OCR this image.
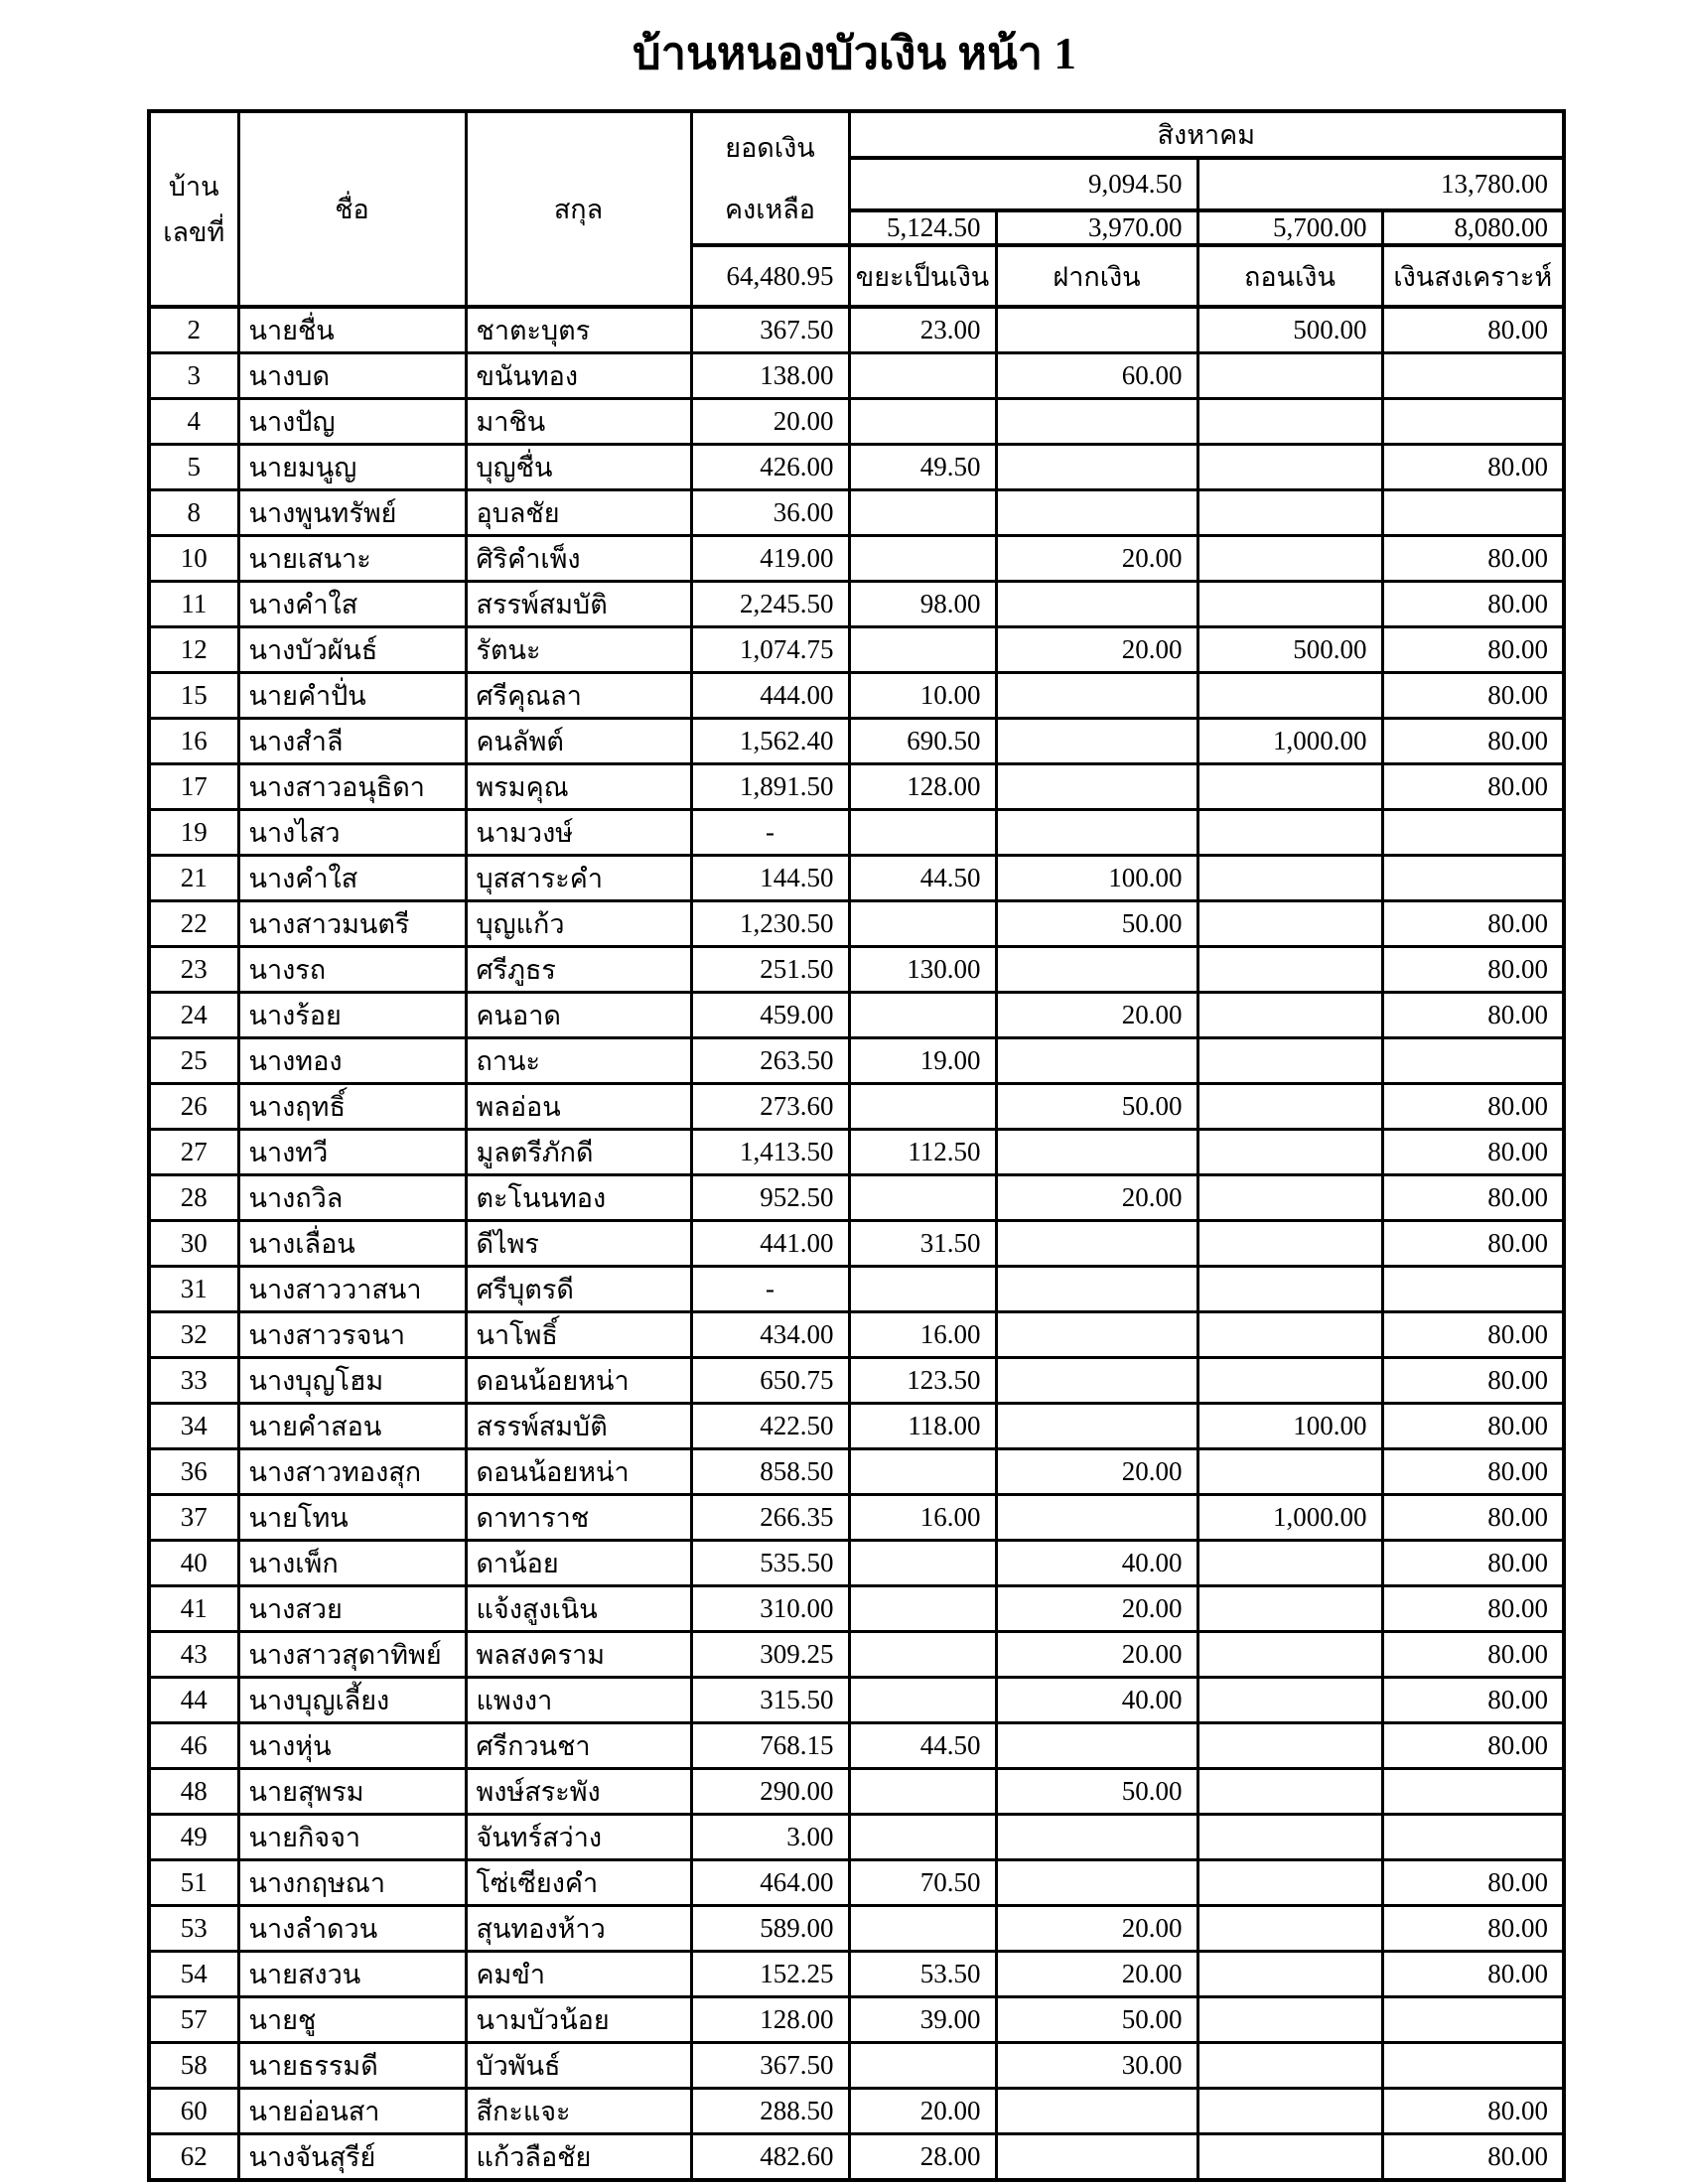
บ้านหนองบัวเงิน หน้า 1
บ้าน
เลขที่	ชื่อ	สกุล	ยอดเงิน
คงเหลือ	สิงหาคม			
				9,094.50		13,780.00	
				5,124.50	3,970.00	5,700.00	8,080.00
			64,480.95	ขยะเป็นเงิน	ฝากเงิน	ถอนเงิน	เงินสงเคราะห์
2	นายชื่น	ชาตะบุตร	367.50	23.00		500.00	80.00
3	นางบด	ขนันทอง	138.00		60.00		
4	นางปัญ	มาชิน	20.00				
5	นายมนูญ	บุญชื่น	426.00	49.50			80.00
8	นางพูนทรัพย์	อุบลชัย	36.00				
10	นายเสนาะ	ศิริคำเพ็ง	419.00		20.00		80.00
11	นางคำใส	สรรพ์สมบัติ	2,245.50	98.00			80.00
12	นางบัวผันธ์	รัตนะ	1,074.75		20.00	500.00	80.00
15	นายคำปั่น	ศรีคุณลา	444.00	10.00			80.00
16	นางสำลี	คนลัพต์	1,562.40	690.50		1,000.00	80.00
17	นางสาวอนุธิดา	พรมคุณ	1,891.50	128.00			80.00
19	นางไสว	นามวงษ์	-				
21	นางคำใส	บุสสาระคำ	144.50	44.50	100.00		
22	นางสาวมนตรี	บุญแก้ว	1,230.50		50.00		80.00
23	นางรถ	ศรีภูธร	251.50	130.00			80.00
24	นางร้อย	คนอาด	459.00		20.00		80.00
25	นางทอง	ถานะ	263.50	19.00			
26	นางฤทธิ์	พลอ่อน	273.60		50.00		80.00
27	นางทวี	มูลตรีภักดี	1,413.50	112.50			80.00
28	นางถวิล	ตะโนนทอง	952.50		20.00		80.00
30	นางเลื่อน	ดีไพร	441.00	31.50			80.00
31	นางสาววาสนา	ศรีบุตรดี	-				
32	นางสาวรจนา	นาโพธิ์	434.00	16.00			80.00
33	นางบุญโฮม	ดอนน้อยหน่า	650.75	123.50			80.00
34	นายคำสอน	สรรพ์สมบัติ	422.50	118.00		100.00	80.00
36	นางสาวทองสุก	ดอนน้อยหน่า	858.50		20.00		80.00
37	นายโทน	ดาทาราช	266.35	16.00		1,000.00	80.00
40	นางเพ็ก	ดาน้อย	535.50		40.00		80.00
41	นางสวย	แจ้งสูงเนิน	310.00		20.00		80.00
43	นางสาวสุดาทิพย์	พลสงคราม	309.25		20.00		80.00
44	นางบุญเลี้ยง	แพงงา	315.50		40.00		80.00
46	นางหุ่น	ศรีกวนชา	768.15	44.50			80.00
48	นายสุพรม	พงษ์สระพัง	290.00		50.00		
49	นายกิจจา	จันทร์สว่าง	3.00				
51	นางกฤษณา	โซ่เซียงคำ	464.00	70.50			80.00
53	นางลำดวน	สุนทองห้าว	589.00		20.00		80.00
54	นายสงวน	คมขำ	152.25	53.50	20.00		80.00
57	นายชู	นามบัวน้อย	128.00	39.00	50.00		
58	นายธรรมดี	บัวพันธ์	367.50		30.00		
60	นายอ่อนสา	สีกะแจะ	288.50	20.00			80.00
62	นางจันสุรีย์	แก้วลือชัย	482.60	28.00			80.00
